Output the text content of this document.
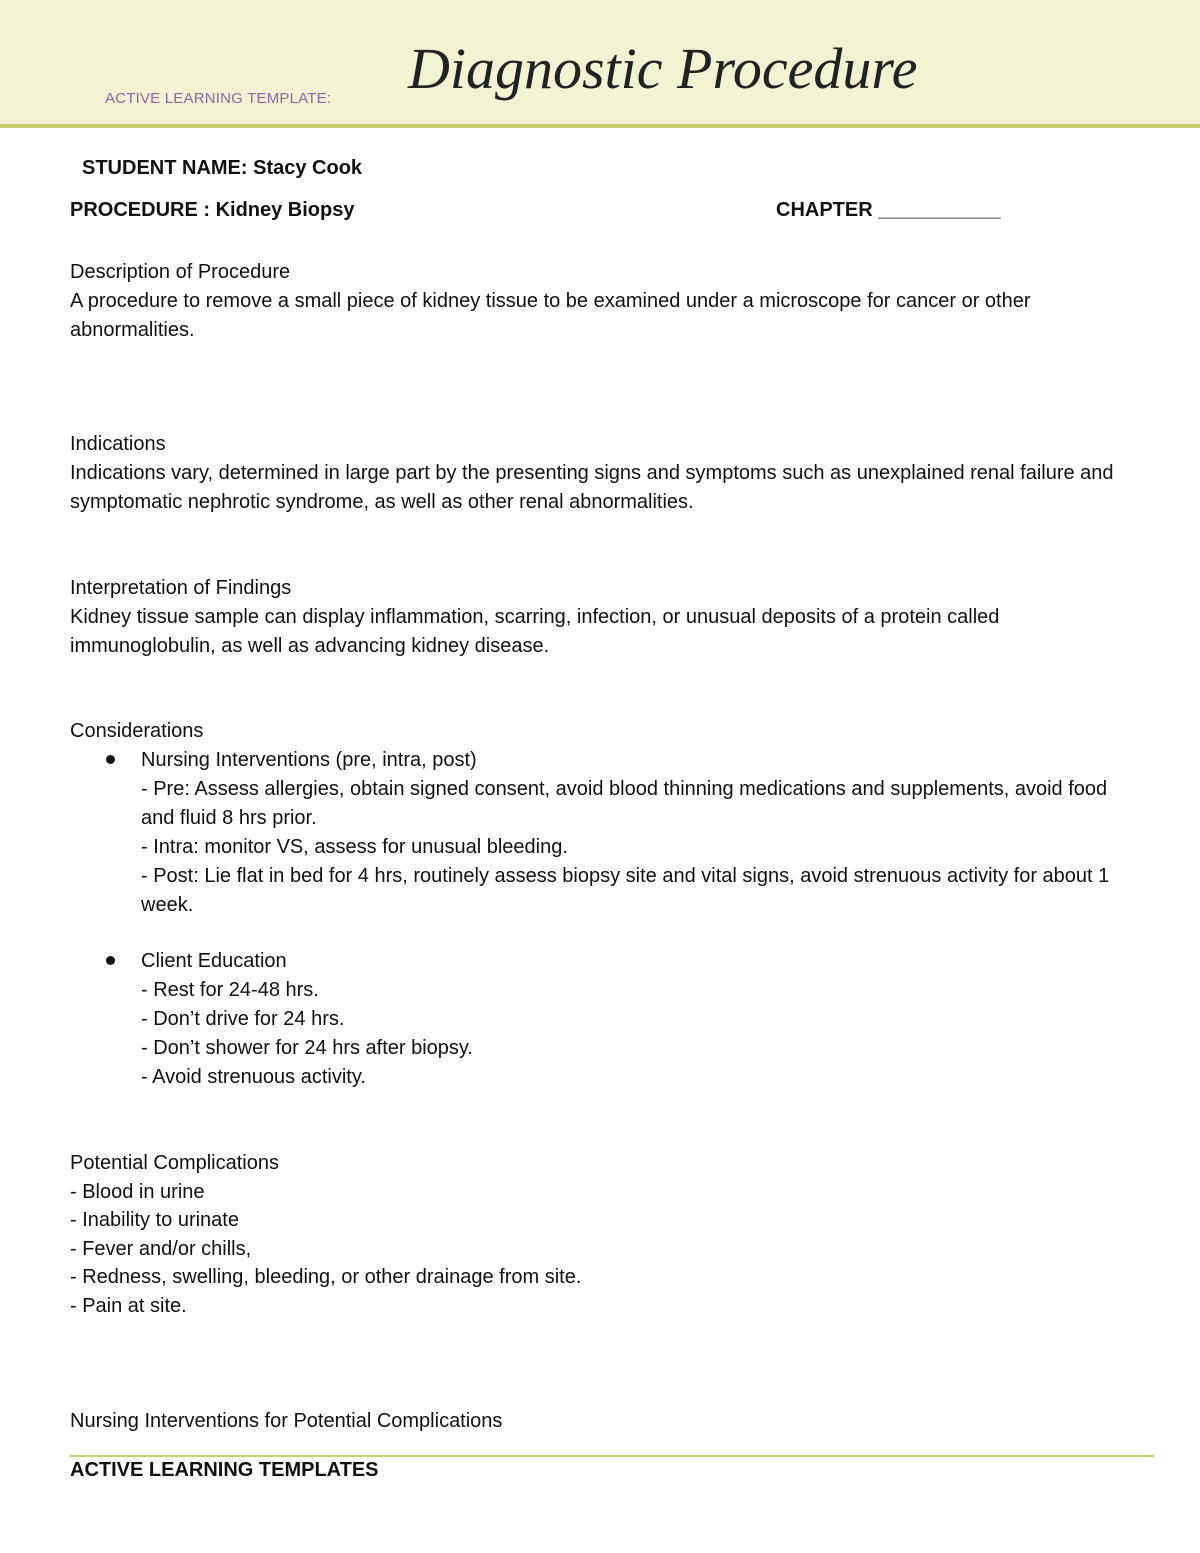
ACTIVE LEARNING TEMPLATE: Diagnostic Procedure
STUDENT NAME: Stacy Cook
PROCEDURE : Kidney Biopsy	CHAPTER ___________
Description of Procedure
A procedure to remove a small piece of kidney tissue to be examined under a microscope for cancer or other abnormalities.
Indications
Indications vary, determined in large part by the presenting signs and symptoms such as unexplained renal failure and symptomatic nephrotic syndrome, as well as other renal abnormalities.
Interpretation of Findings
Kidney tissue sample can display inflammation, scarring, infection, or unusual deposits of a protein called immunoglobulin, as well as advancing kidney disease.
Considerations
Nursing Interventions (pre, intra, post)
- Pre: Assess allergies, obtain signed consent, avoid blood thinning medications and supplements, avoid food and fluid 8 hrs prior.
- Intra: monitor VS, assess for unusual bleeding.
- Post: Lie flat in bed for 4 hrs, routinely assess biopsy site and vital signs, avoid strenuous activity for about 1 week.
Client Education
- Rest for 24-48 hrs.
- Don’t drive for 24 hrs.
- Don’t shower for 24 hrs after biopsy.
- Avoid strenuous activity.
Potential Complications
- Blood in urine
- Inability to urinate
- Fever and/or chills,
- Redness, swelling, bleeding, or other drainage from site.
- Pain at site.
Nursing Interventions for Potential Complications
ACTIVE LEARNING TEMPLATES
